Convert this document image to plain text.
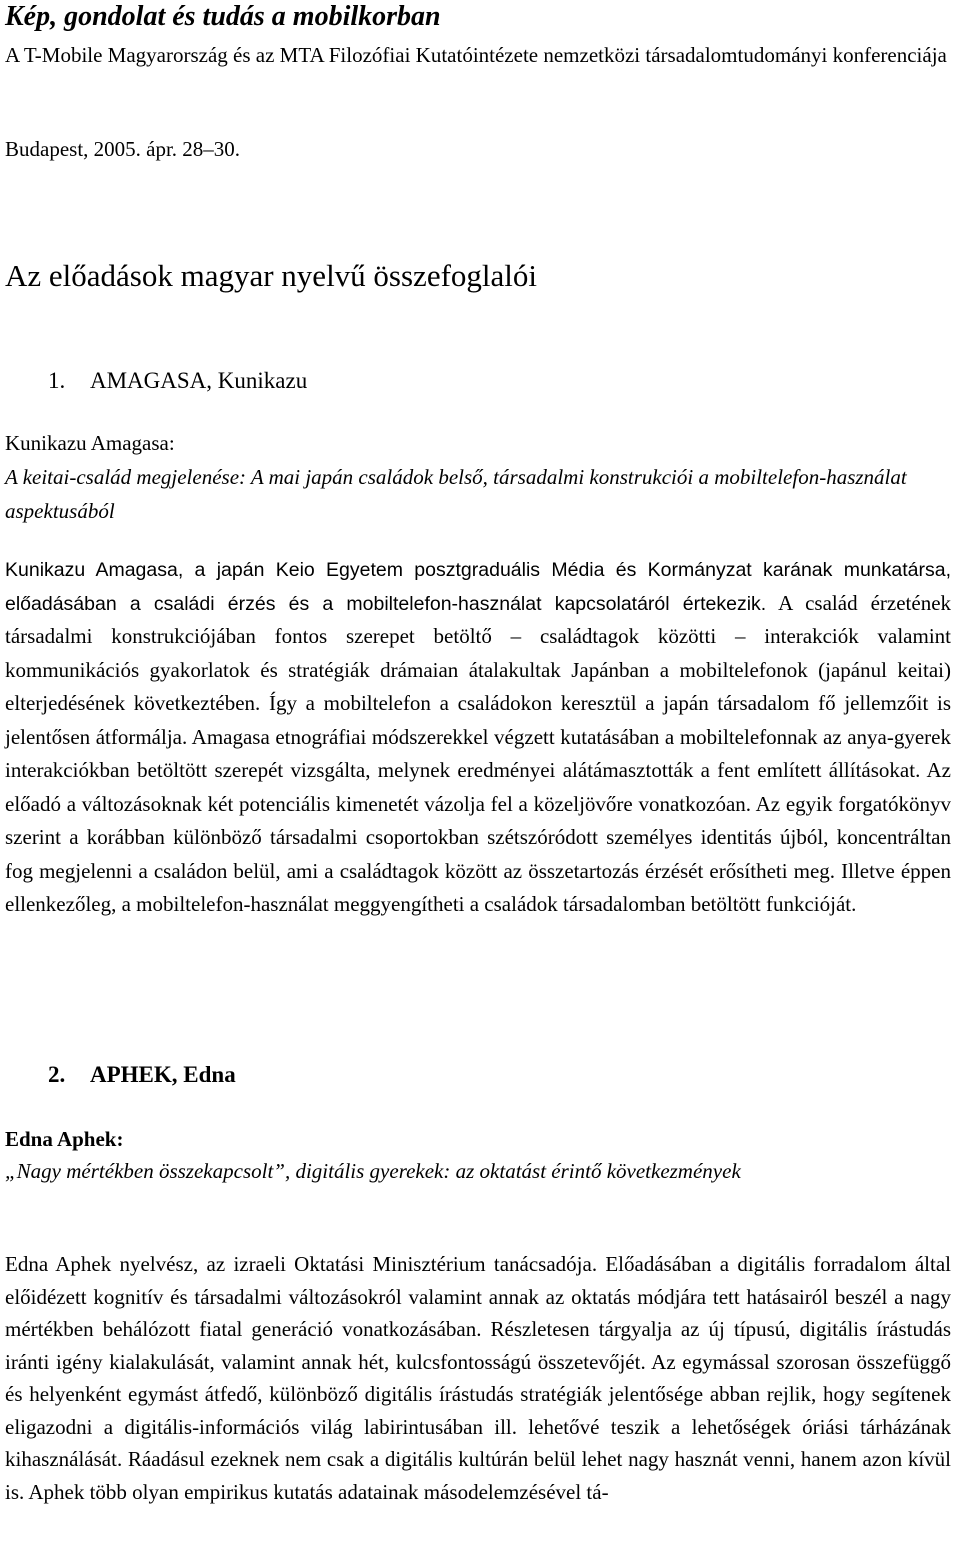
Kép, gondolat és tudás a mobilkorban
A T-Mobile Magyarország és az MTA Filozófiai Kutatóintézete nemzetközi társadalomtudományi konferenciája
Budapest, 2005. ápr. 28–30.
Az előadások magyar nyelvű összefoglalói
1. AMAGASA, Kunikazu
Kunikazu Amagasa:
A keitai-család megjelenése: A mai japán családok belső, társadalmi konstrukciói a mobiltelefon-használat aspektusából
Kunikazu Amagasa, a japán Keio Egyetem posztgraduális Média és Kormányzat karának munkatársa, előadásában a családi érzés és a mobiltelefon-használat kapcsolatáról értekezik. A család érzetének társadalmi konstrukciójában fontos szerepet betöltő – családtagok közötti – interakciók valamint kommunikációs gyakorlatok és stratégiák drámaian átalakultak Japánban a mobiltelefonok (japánul keitai) elterjedésének következtében. Így a mobiltelefon a családokon keresztül a japán társadalom fő jellemzőit is jelentősen átformálja. Amagasa etnográfiai módszerekkel végzett kutatásában a mobiltelefonnak az anya-gyerek interakciókban betöltött szerepét vizsgálta, melynek eredményei alátámasztották a fent említett állításokat. Az előadó a változásoknak két potenciális kimenetét vázolja fel a közeljövőre vonatkozóan. Az egyik forgatókönyv szerint a korábban különböző társadalmi csoportokban szétszóródott személyes identitás újból, koncentráltan fog megjelenni a családon belül, ami a családtagok között az összetartozás érzését erősítheti meg. Illetve éppen ellenkezőleg, a mobiltelefon-használat meggyengítheti a családok társadalomban betöltött funkcióját.
2. APHEK, Edna
Edna Aphek:
„Nagy mértékben összekapcsolt”, digitális gyerekek: az oktatást érintő következmények
Edna Aphek nyelvész, az izraeli Oktatási Minisztérium tanácsadója. Előadásában a digitális forradalom által előidézett kognitív és társadalmi változásokról valamint annak az oktatás módjára tett hatásairól beszél a nagy mértékben behálózott fiatal generáció vonatkozásában. Részletesen tárgyalja az új típusú, digitális írástudás iránti igény kialakulását, valamint annak hét, kulcsfontosságú összetevőjét. Az egymással szorosan összefüggő és helyenként egymást átfedő, különböző digitális írástudás stratégiák jelentősége abban rejlik, hogy segítenek eligazodni a digitális-információs világ labirintusában ill. lehetővé teszik a lehetőségek óriási tárházának kihasználását. Ráadásul ezeknek nem csak a digitális kultúrán belül lehet nagy hasznát venni, hanem azon kívül is. Aphek több olyan empirikus kutatás adatainak másodelemzésével tá-
